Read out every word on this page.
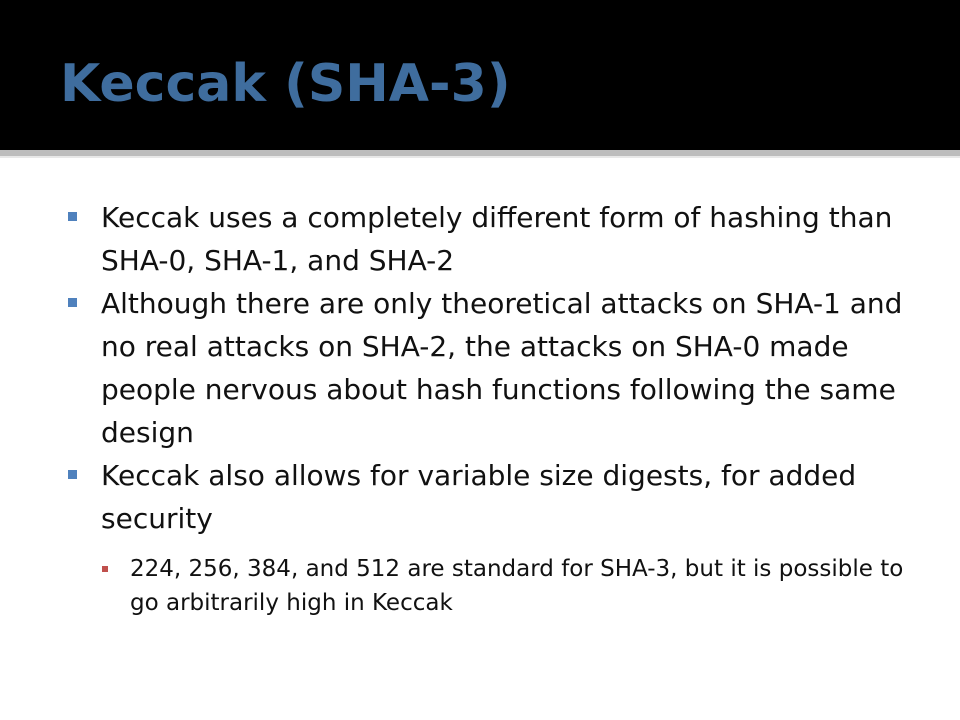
Keccak (SHA-3)
Keccak uses a completely different form of hashing than SHA-0, SHA-1, and SHA-2
Although there are only theoretical attacks on SHA-1 and no real attacks on SHA-2, the attacks on SHA-0 made people nervous about hash functions following the same design
Keccak also allows for variable size digests, for added security
224, 256, 384, and 512 are standard for SHA-3, but it is possible to go arbitrarily high in Keccak
